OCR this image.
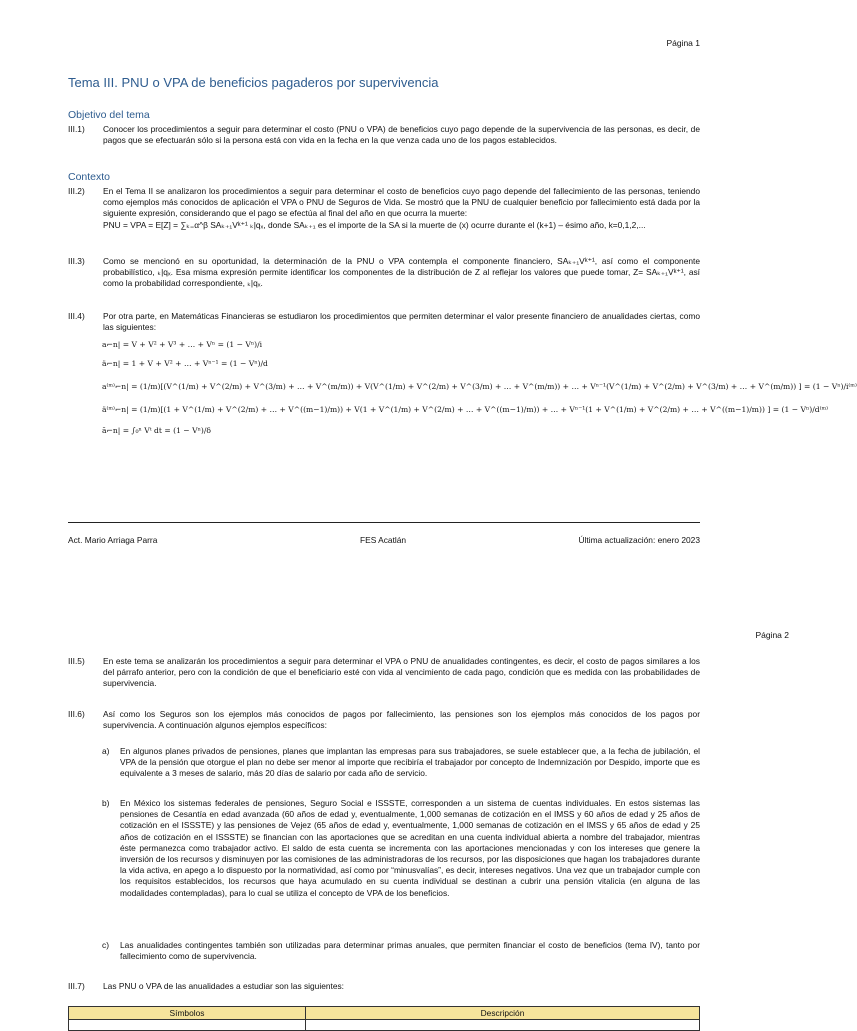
Página 1
Tema III. PNU o VPA de beneficios pagaderos por supervivencia
Objetivo del tema
III.1) Conocer los procedimientos a seguir para determinar el costo (PNU o VPA) de beneficios cuyo pago depende de la supervivencia de las personas, es decir, de pagos que se efectuarán sólo si la persona está con vida en la fecha en la que venza cada uno de los pagos establecidos.
Contexto
III.2) En el Tema II se analizaron los procedimientos a seguir para determinar el costo de beneficios cuyo pago depende del fallecimiento de las personas, teniendo como ejemplos más conocidos de aplicación el VPA o PNU de Seguros de Vida. Se mostró que la PNU de cualquier beneficio por fallecimiento está dada por la siguiente expresión, considerando que el pago se efectúa al final del año en que ocurra la muerte:
PNU = VPA = E[Z] = ∑ₖ₌α^β SAₖ₊₁Vᵏ⁺¹ ₖ|qₓ, donde SAₖ₊₁ es el importe de la SA si la muerte de (x) ocurre durante el (k+1) – ésimo año, k=0,1,2,...
III.3) Como se mencionó en su oportunidad, la determinación de la PNU o VPA contempla el componente financiero, SAₖ₊₁Vᵏ⁺¹, así como el componente probabilístico, ₖ|qₓ. Esa misma expresión permite identificar los componentes de la distribución de Z al reflejar los valores que puede tomar, Z= SAₖ₊₁Vᵏ⁺¹, así como la probabilidad correspondiente, ₖ|qₓ.
III.4) Por otra parte, en Matemáticas Financieras se estudiaron los procedimientos que permiten determinar el valor presente financiero de anualidades ciertas, como las siguientes:
a⌐n| = V + V² + V³ + … + Vⁿ = (1 − Vⁿ)/i
ä⌐n| = 1 + V + V² + … + Vⁿ⁻¹ = (1 − Vⁿ)/d
a⁽ᵐ⁾⌐n| = (1/m)[(V^(1/m) + V^(2/m) + V^(3/m) + … + V^(m/m)) + V(V^(1/m) + V^(2/m) + V^(3/m) + … + V^(m/m)) + … + Vⁿ⁻¹(V^(1/m) + V^(2/m) + V^(3/m) + … + V^(m/m)) ] = (1 − Vⁿ)/i⁽ᵐ⁾
ä⁽ᵐ⁾⌐n| = (1/m)[(1 + V^(1/m) + V^(2/m) + … + V^((m−1)/m)) + V(1 + V^(1/m) + V^(2/m) + … + V^((m−1)/m)) + … + Vⁿ⁻¹(1 + V^(1/m) + V^(2/m) + … + V^((m−1)/m)) ] = (1 − Vⁿ)/d⁽ᵐ⁾
ā⌐n| = ∫₀ⁿ Vᵗ dt = (1 − Vⁿ)/δ
Act. Mario Arriaga Parra	FES Acatlán	Última actualización: enero 2023
Página 2
III.5) En este tema se analizarán los procedimientos a seguir para determinar el VPA o PNU de anualidades contingentes, es decir, el costo de pagos similares a los del párrafo anterior, pero con la condición de que el beneficiario esté con vida al vencimiento de cada pago, condición que es medida con las probabilidades de supervivencia.
III.6) Así como los Seguros son los ejemplos más conocidos de pagos por fallecimiento, las pensiones son los ejemplos más conocidos de los pagos por supervivencia. A continuación algunos ejemplos específicos:
a) En algunos planes privados de pensiones, planes que implantan las empresas para sus trabajadores, se suele establecer que, a la fecha de jubilación, el VPA de la pensión que otorgue el plan no debe ser menor al importe que recibiría el trabajador por concepto de Indemnización por Despido, importe que es equivalente a 3 meses de salario, más 20 días de salario por cada año de servicio.
b) En México los sistemas federales de pensiones, Seguro Social e ISSSTE, corresponden a un sistema de cuentas individuales. En estos sistemas las pensiones de Cesantía en edad avanzada (60 años de edad y, eventualmente, 1,000 semanas de cotización en el IMSS y 60 años de edad y 25 años de cotización en el ISSSTE) y las pensiones de Vejez (65 años de edad y, eventualmente, 1,000 semanas de cotización en el IMSS y 65 años de edad y 25 años de cotización en el ISSSTE) se financian con las aportaciones que se acreditan en una cuenta individual abierta a nombre del trabajador, mientras éste permanezca como trabajador activo. El saldo de esta cuenta se incrementa con las aportaciones mencionadas y con los intereses que genere la inversión de los recursos y disminuyen por las comisiones de las administradoras de los recursos, por las disposiciones que hagan los trabajadores durante la vida activa, en apego a lo dispuesto por la normatividad, así como por “minusvalías”, es decir, intereses negativos. Una vez que un trabajador cumple con los requisitos establecidos, los recursos que haya acumulado en su cuenta individual se destinan a cubrir una pensión vitalicia (en alguna de las modalidades contempladas), para lo cual se utiliza el concepto de VPA de los beneficios.
c) Las anualidades contingentes también son utilizadas para determinar primas anuales, que permiten financiar el costo de beneficios (tema IV), tanto por fallecimiento como de supervivencia.
III.7) Las PNU o VPA de las anualidades a estudiar son las siguientes:
Símbolos	Descripción
